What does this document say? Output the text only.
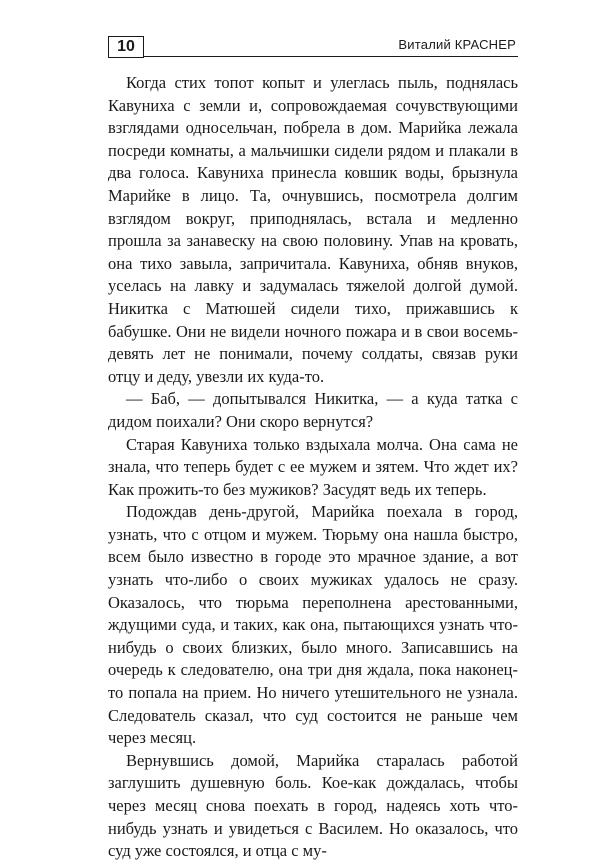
10	Виталий КРАСНЕР

Когда стих топот копыт и улеглась пыль, поднялась Кавуниха с земли и, сопровождаемая сочувствующими взглядами односельчан, побрела в дом. Марийка лежала посреди комнаты, а мальчишки сидели рядом и плакали в два голоса. Кавуниха принесла ковшик воды, брызнула Марийке в лицо. Та, очнувшись, посмотрела долгим взглядом вокруг, приподнялась, встала и медленно прошла за занавеску на свою половину. Упав на кровать, она тихо завыла, запричитала. Кавуниха, обняв внуков, уселась на лавку и задумалась тяжелой долгой думой. Никитка с Матюшей сидели тихо, прижавшись к бабушке. Они не видели ночного пожара и в свои восемь-девять лет не понимали, почему солдаты, связав руки отцу и деду, увезли их куда-то.

— Баб, — допытывался Никитка, — а куда татка с дидом поихали? Они скоро вернутся?

Старая Кавуниха только вздыхала молча. Она сама не знала, что теперь будет с ее мужем и зятем. Что ждет их? Как прожить-то без мужиков? Засудят ведь их теперь.

Подождав день-другой, Марийка поехала в город, узнать, что с отцом и мужем. Тюрьму она нашла быстро, всем было известно в городе это мрачное здание, а вот узнать что-либо о своих мужиках удалось не сразу. Оказалось, что тюрьма переполнена арестованными, ждущими суда, и таких, как она, пытающихся узнать что-нибудь о своих близких, было много. Записавшись на очередь к следователю, она три дня ждала, пока наконец-то попала на прием. Но ничего утешительного не узнала. Следователь сказал, что суд состоится не раньше чем через месяц.

Вернувшись домой, Марийка старалась работой заглушить душевную боль. Кое-как дождалась, чтобы через месяц снова поехать в город, надеясь хоть что-нибудь узнать и увидеться с Василем. Но оказалось, что суд уже состоялся, и отца с му-
